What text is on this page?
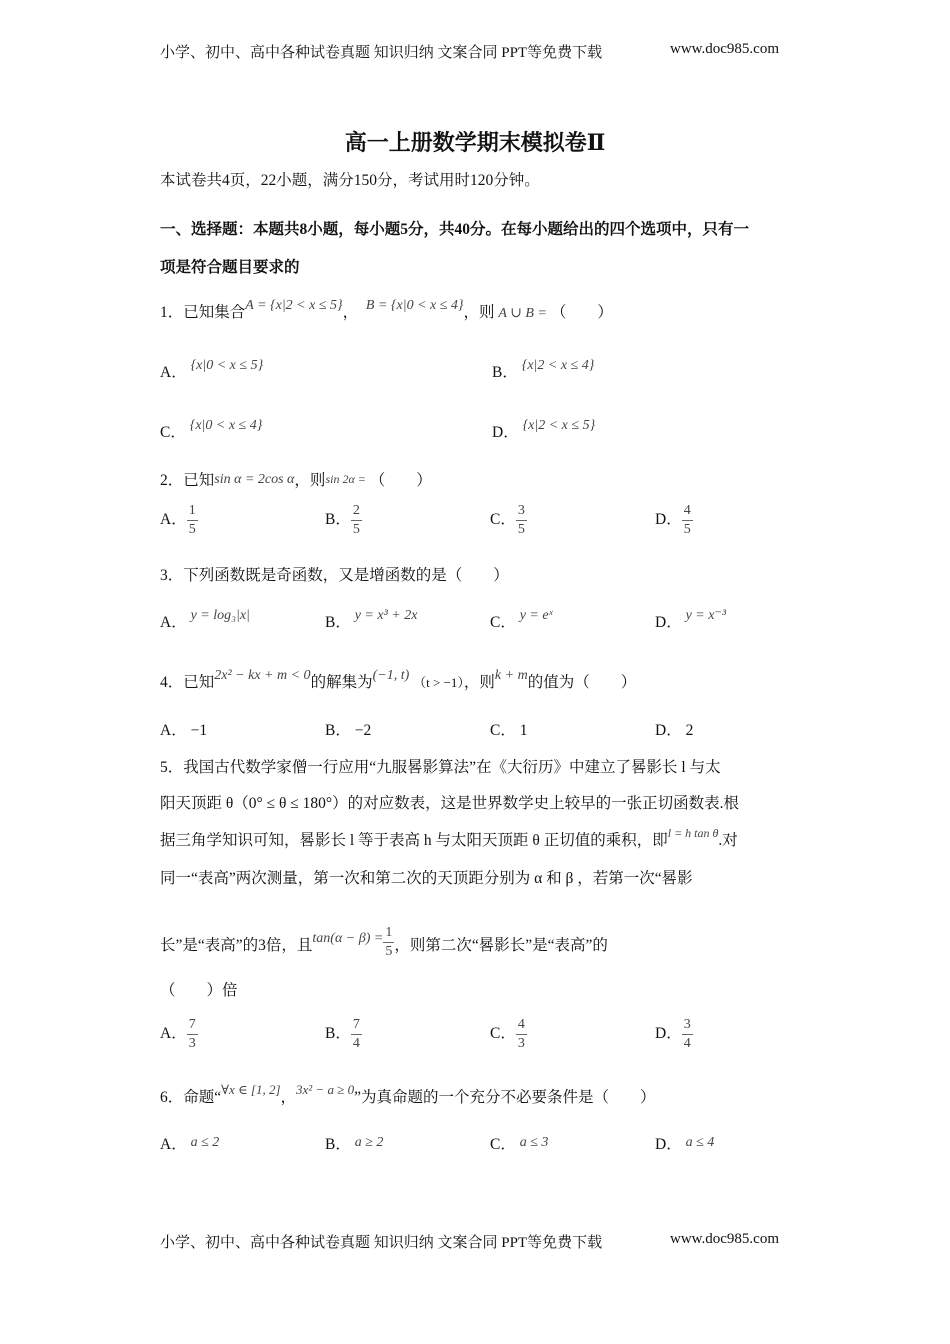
小学、初中、高中各种试卷真题 知识归纳 文案合同 PPT等免费下载	www.doc985.com
高一上册数学期末模拟卷Ⅱ
本试卷共4页，22小题，满分150分，考试用时120分钟。
一、选择题：本题共8小题，每小题5分，共40分。在每小题给出的四个选项中，只有一
项是符合题目要求的
1．已知集合A = {x|2 < x ≤ 5}，　 B = {x|0 < x ≤ 4}，则 A ∪ B = （　　）
A． {x|0 < x ≤ 5}	B． {x|2 < x ≤ 4}
C． {x|0 < x ≤ 4}	D． {x|2 < x ≤ 5}
2．已知sin α = 2cos α，则sin 2α = （　　）
A． $\frac{1}{5}$	B． $\frac{2}{5}$	C． $\frac{3}{5}$	D． $\frac{4}{5}$
3．下列函数既是奇函数，又是增函数的是（　　）
A． y = log₃|x|	B． y = x³ + 2x	C． y = eˣ	D． y = x⁻³
4．已知2x² − kx + m < 0的解集为(−1, t) （t > −1），则k + m的值为（　　）
A． −1	B． −2	C． 1	D． 2
5．我国古代数学家僧一行应用“九服晷影算法”在《大衍历》中建立了晷影长 l 与太
阳天顶距 θ（0° ≤ θ ≤ 180°）的对应数表，这是世界数学史上较早的一张正切函数表.根
据三角学知识可知，晷影长 l 等于表高 h 与太阳天顶距 θ 正切值的乘积，即$^{l = h tan \theta}$.对
同一“表高”两次测量，第一次和第二次的天顶距分别为 α 和 β ，若第一次“晷影
长”是“表高”的3倍，且$\tan(\alpha - \beta) = \frac{1}{5}$ ，则第二次“晷影长”是“表高”的
（　　）倍
A． $\frac{7}{3}$	B． $\frac{7}{4}$	C． $\frac{4}{3}$	D． $\frac{3}{4}$
6．命题“$^{\forall x \in [1, 2]}$，$^{3x^2 - a \ge 0}$”为真命题的一个充分不必要条件是（　　）
A． a ≤ 2	B． a ≥ 2	C． a ≤ 3	D． a ≤ 4
小学、初中、高中各种试卷真题 知识归纳 文案合同 PPT等免费下载	www.doc985.com
